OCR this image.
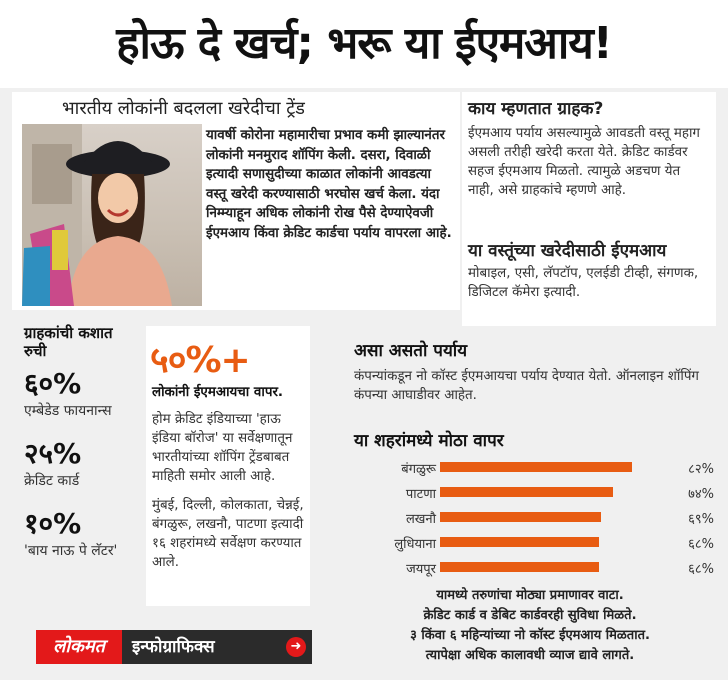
होऊ दे खर्च; भरू या ईएमआय!
भारतीय लोकांनी बदलला खरेदीचा ट्रेंड
यावर्षी कोरोना महामारीचा प्रभाव कमी झाल्यानंतर लोकांनी मनमुराद शॉपिंग केली. दसरा, दिवाळी इत्यादी सणासुदीच्या काळात लोकांनी आवडत्या वस्तू खरेदी करण्यासाठी भरघोस खर्च केला. यंदा निम्म्याहून अधिक लोकांनी रोख पैसे देण्याऐवजी ईएमआय किंवा क्रेडिट कार्डचा पर्याय वापरला आहे.
काय म्हणतात ग्राहक?
ईएमआय पर्याय असल्यामुळे आवडती वस्तू महाग असली तरीही खरेदी करता येते. क्रेडिट कार्डवर सहज ईएमआय मिळतो. त्यामुळे अडचण येत नाही, असे ग्राहकांचे म्हणणे आहे.
या वस्तूंच्या खरेदीसाठी ईएमआय
मोबाइल, एसी, लॅपटॉप, एलईडी टीव्ही, संगणक, डिजिटल कॅमेरा इत्यादी.
ग्राहकांची कशात रुची
६०%
एम्बेडेड फायनान्स
२५%
क्रेडिट कार्ड
१०%
'बाय नाऊ पे लॅटर'
५०%+

लोकांनी ईएमआयचा वापर.

होम क्रेडिट इंडियाच्या 'हाऊ इंडिया बॉरोज' या सर्वेक्षणातून भारतीयांच्या शॉपिंग ट्रेंडबाबत माहिती समोर आली आहे.

मुंबई, दिल्ली, कोलकाता, चेन्नई, बंगळुरू, लखनौ, पाटणा इत्यादी १६ शहरांमध्ये सर्वेक्षण करण्यात आले.

असा असतो पर्याय
कंपन्यांकडून नो कॉस्ट ईएमआयचा पर्याय देण्यात येतो. ऑनलाइन शॉपिंग कंपन्या आघाडीवर आहेत.
या शहरांमध्ये मोठा वापर
बंगळुरू	८२%
पाटणा	७४%
लखनौ	६९%
लुधियाना	६८%
जयपूर	६८%
यामध्ये तरुणांचा मोठ्या प्रमाणावर वाटा.
क्रेडिट कार्ड व डेबिट कार्डवरही सुविधा मिळते.
३ किंवा ६ महिन्यांच्या नो कॉस्ट ईएमआय मिळतात.
त्यापेक्षा अधिक कालावधी व्याज द्यावे लागते.
लोकमत	इन्फोग्राफिक्स	➜
